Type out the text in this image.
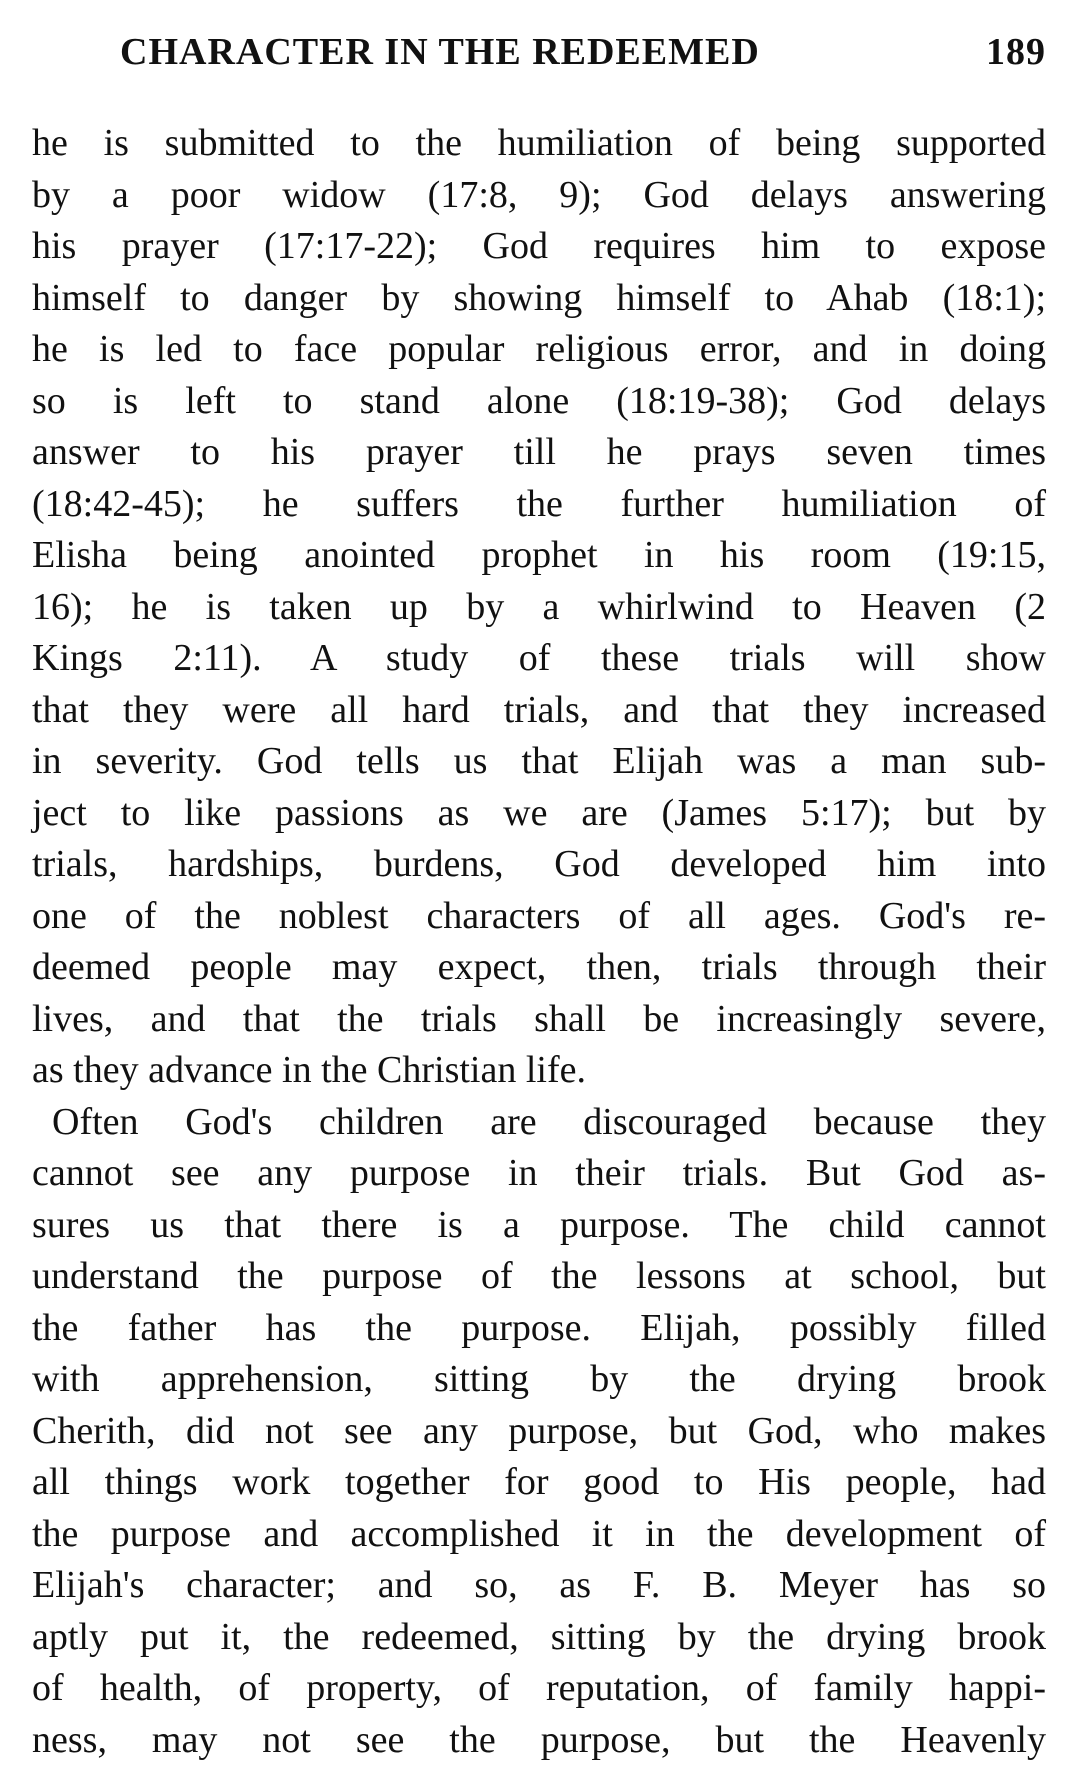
CHARACTER IN THE REDEEMED	189
he is submitted to the humiliation of being supported
by a poor widow (17:8, 9); God delays answering
his prayer (17:17-22); God requires him to expose
himself to danger by showing himself to Ahab (18:1);
he is led to face popular religious error, and in doing
so is left to stand alone (18:19-38); God delays
answer to his prayer till he prays seven times
(18:42-45); he suffers the further humiliation of
Elisha being anointed prophet in his room (19:15,
16); he is taken up by a whirlwind to Heaven (2
Kings 2:11). A study of these trials will show
that they were all hard trials, and that they increased
in severity. God tells us that Elijah was a man sub-
ject to like passions as we are (James 5:17); but by
trials, hardships, burdens, God developed him into
one of the noblest characters of all ages. God's re-
deemed people may expect, then, trials through their
lives, and that the trials shall be increasingly severe,
as they advance in the Christian life.
Often God's children are discouraged because they
cannot see any purpose in their trials. But God as-
sures us that there is a purpose. The child cannot
understand the purpose of the lessons at school, but
the father has the purpose. Elijah, possibly filled
with apprehension, sitting by the drying brook
Cherith, did not see any purpose, but God, who makes
all things work together for good to His people, had
the purpose and accomplished it in the development of
Elijah's character; and so, as F. B. Meyer has so
aptly put it, the redeemed, sitting by the drying brook
of health, of property, of reputation, of family happi-
ness, may not see the purpose, but the Heavenly
